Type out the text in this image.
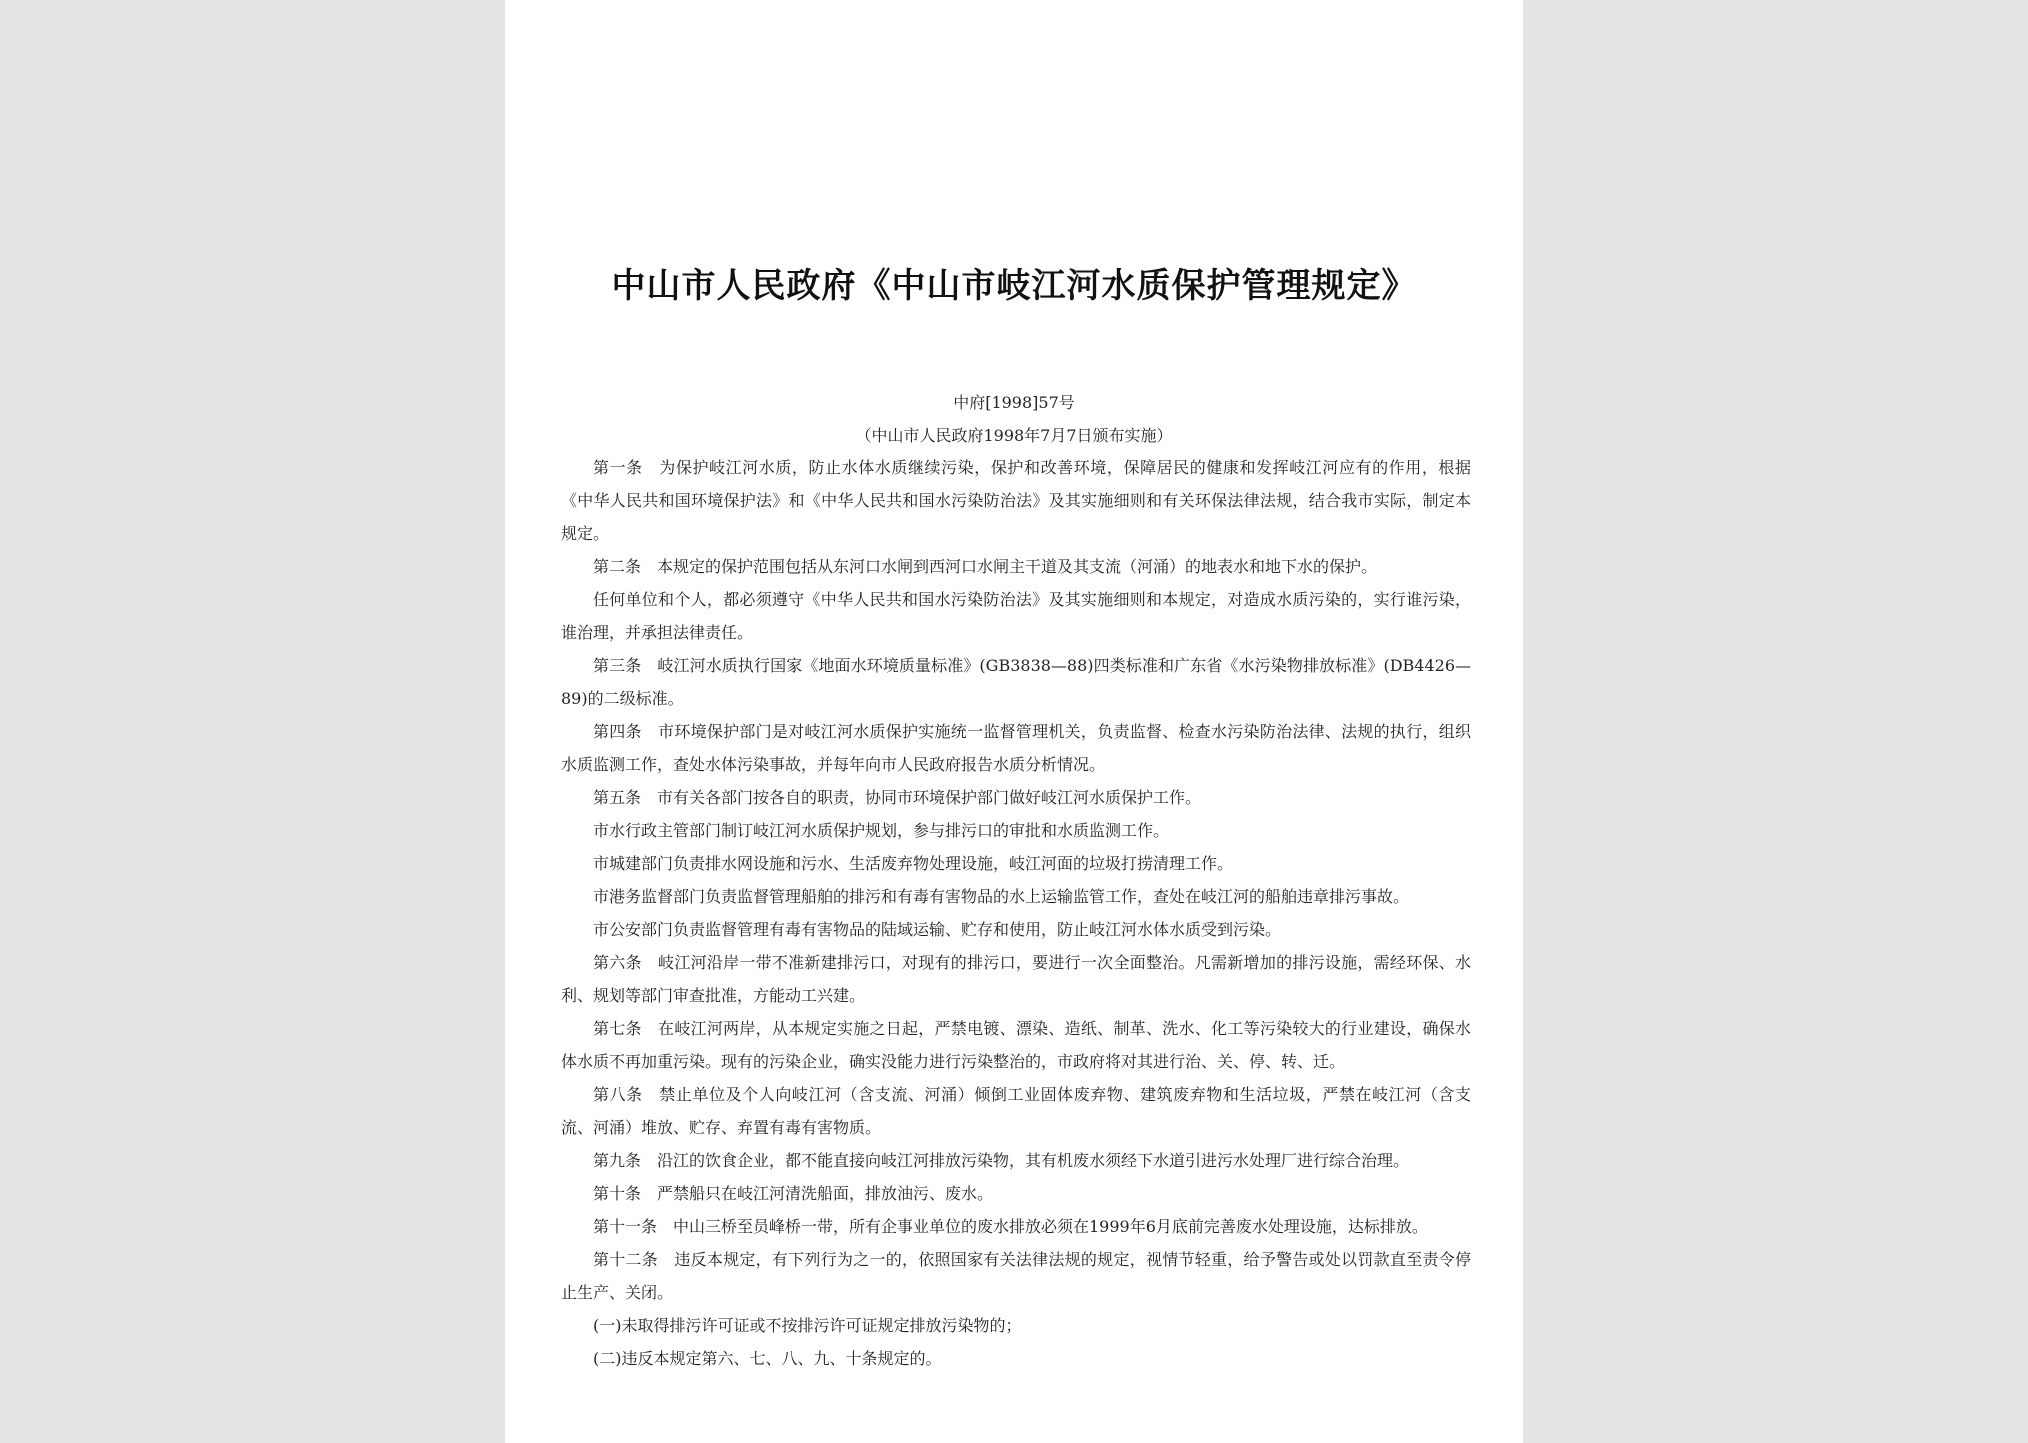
中山市人民政府《中山市岐江河水质保护管理规定》
中府[1998]57号
（中山市人民政府1998年7月7日颁布实施）

第一条　为保护岐江河水质，防止水体水质继续污染，保护和改善环境，保障居民的健康和发挥岐江河应有的作用，根据《中华人民共和国环境保护法》和《中华人民共和国水污染防治法》及其实施细则和有关环保法律法规，结合我市实际，制定本规定。

第二条　本规定的保护范围包括从东河口水闸到西河口水闸主干道及其支流（河涌）的地表水和地下水的保护。

任何单位和个人，都必须遵守《中华人民共和国水污染防治法》及其实施细则和本规定，对造成水质污染的，实行谁污染，谁治理，并承担法律责任。

第三条　岐江河水质执行国家《地面水环境质量标准》(GB3838—88)四类标准和广东省《水污染物排放标准》(DB4426—89)的二级标准。

第四条　市环境保护部门是对岐江河水质保护实施统一监督管理机关，负责监督、检查水污染防治法律、法规的执行，组织水质监测工作，查处水体污染事故，并每年向市人民政府报告水质分析情况。

第五条　市有关各部门按各自的职责，协同市环境保护部门做好岐江河水质保护工作。

市水行政主管部门制订岐江河水质保护规划，参与排污口的审批和水质监测工作。

市城建部门负责排水网设施和污水、生活废弃物处理设施，岐江河面的垃圾打捞清理工作。

市港务监督部门负责监督管理船舶的排污和有毒有害物品的水上运输监管工作，查处在岐江河的船舶违章排污事故。

市公安部门负责监督管理有毒有害物品的陆域运输、贮存和使用，防止岐江河水体水质受到污染。

第六条　岐江河沿岸一带不准新建排污口，对现有的排污口，要进行一次全面整治。凡需新增加的排污设施，需经环保、水利、规划等部门审查批准，方能动工兴建。

第七条　在岐江河两岸，从本规定实施之日起，严禁电镀、漂染、造纸、制革、洗水、化工等污染较大的行业建设，确保水体水质不再加重污染。现有的污染企业，确实没能力进行污染整治的，市政府将对其进行治、关、停、转、迁。

第八条　禁止单位及个人向岐江河（含支流、河涌）倾倒工业固体废弃物、建筑废弃物和生活垃圾，严禁在岐江河（含支流、河涌）堆放、贮存、弃置有毒有害物质。

第九条　沿江的饮食企业，都不能直接向岐江河排放污染物，其有机废水须经下水道引进污水处理厂进行综合治理。

第十条　严禁船只在岐江河清洗船面，排放油污、废水。

第十一条　中山三桥至员峰桥一带，所有企事业单位的废水排放必须在1999年6月底前完善废水处理设施，达标排放。

第十二条　违反本规定，有下列行为之一的，依照国家有关法律法规的规定，视情节轻重，给予警告或处以罚款直至责令停止生产、关闭。

(一)未取得排污许可证或不按排污许可证规定排放污染物的；

(二)违反本规定第六、七、八、九、十条规定的。
